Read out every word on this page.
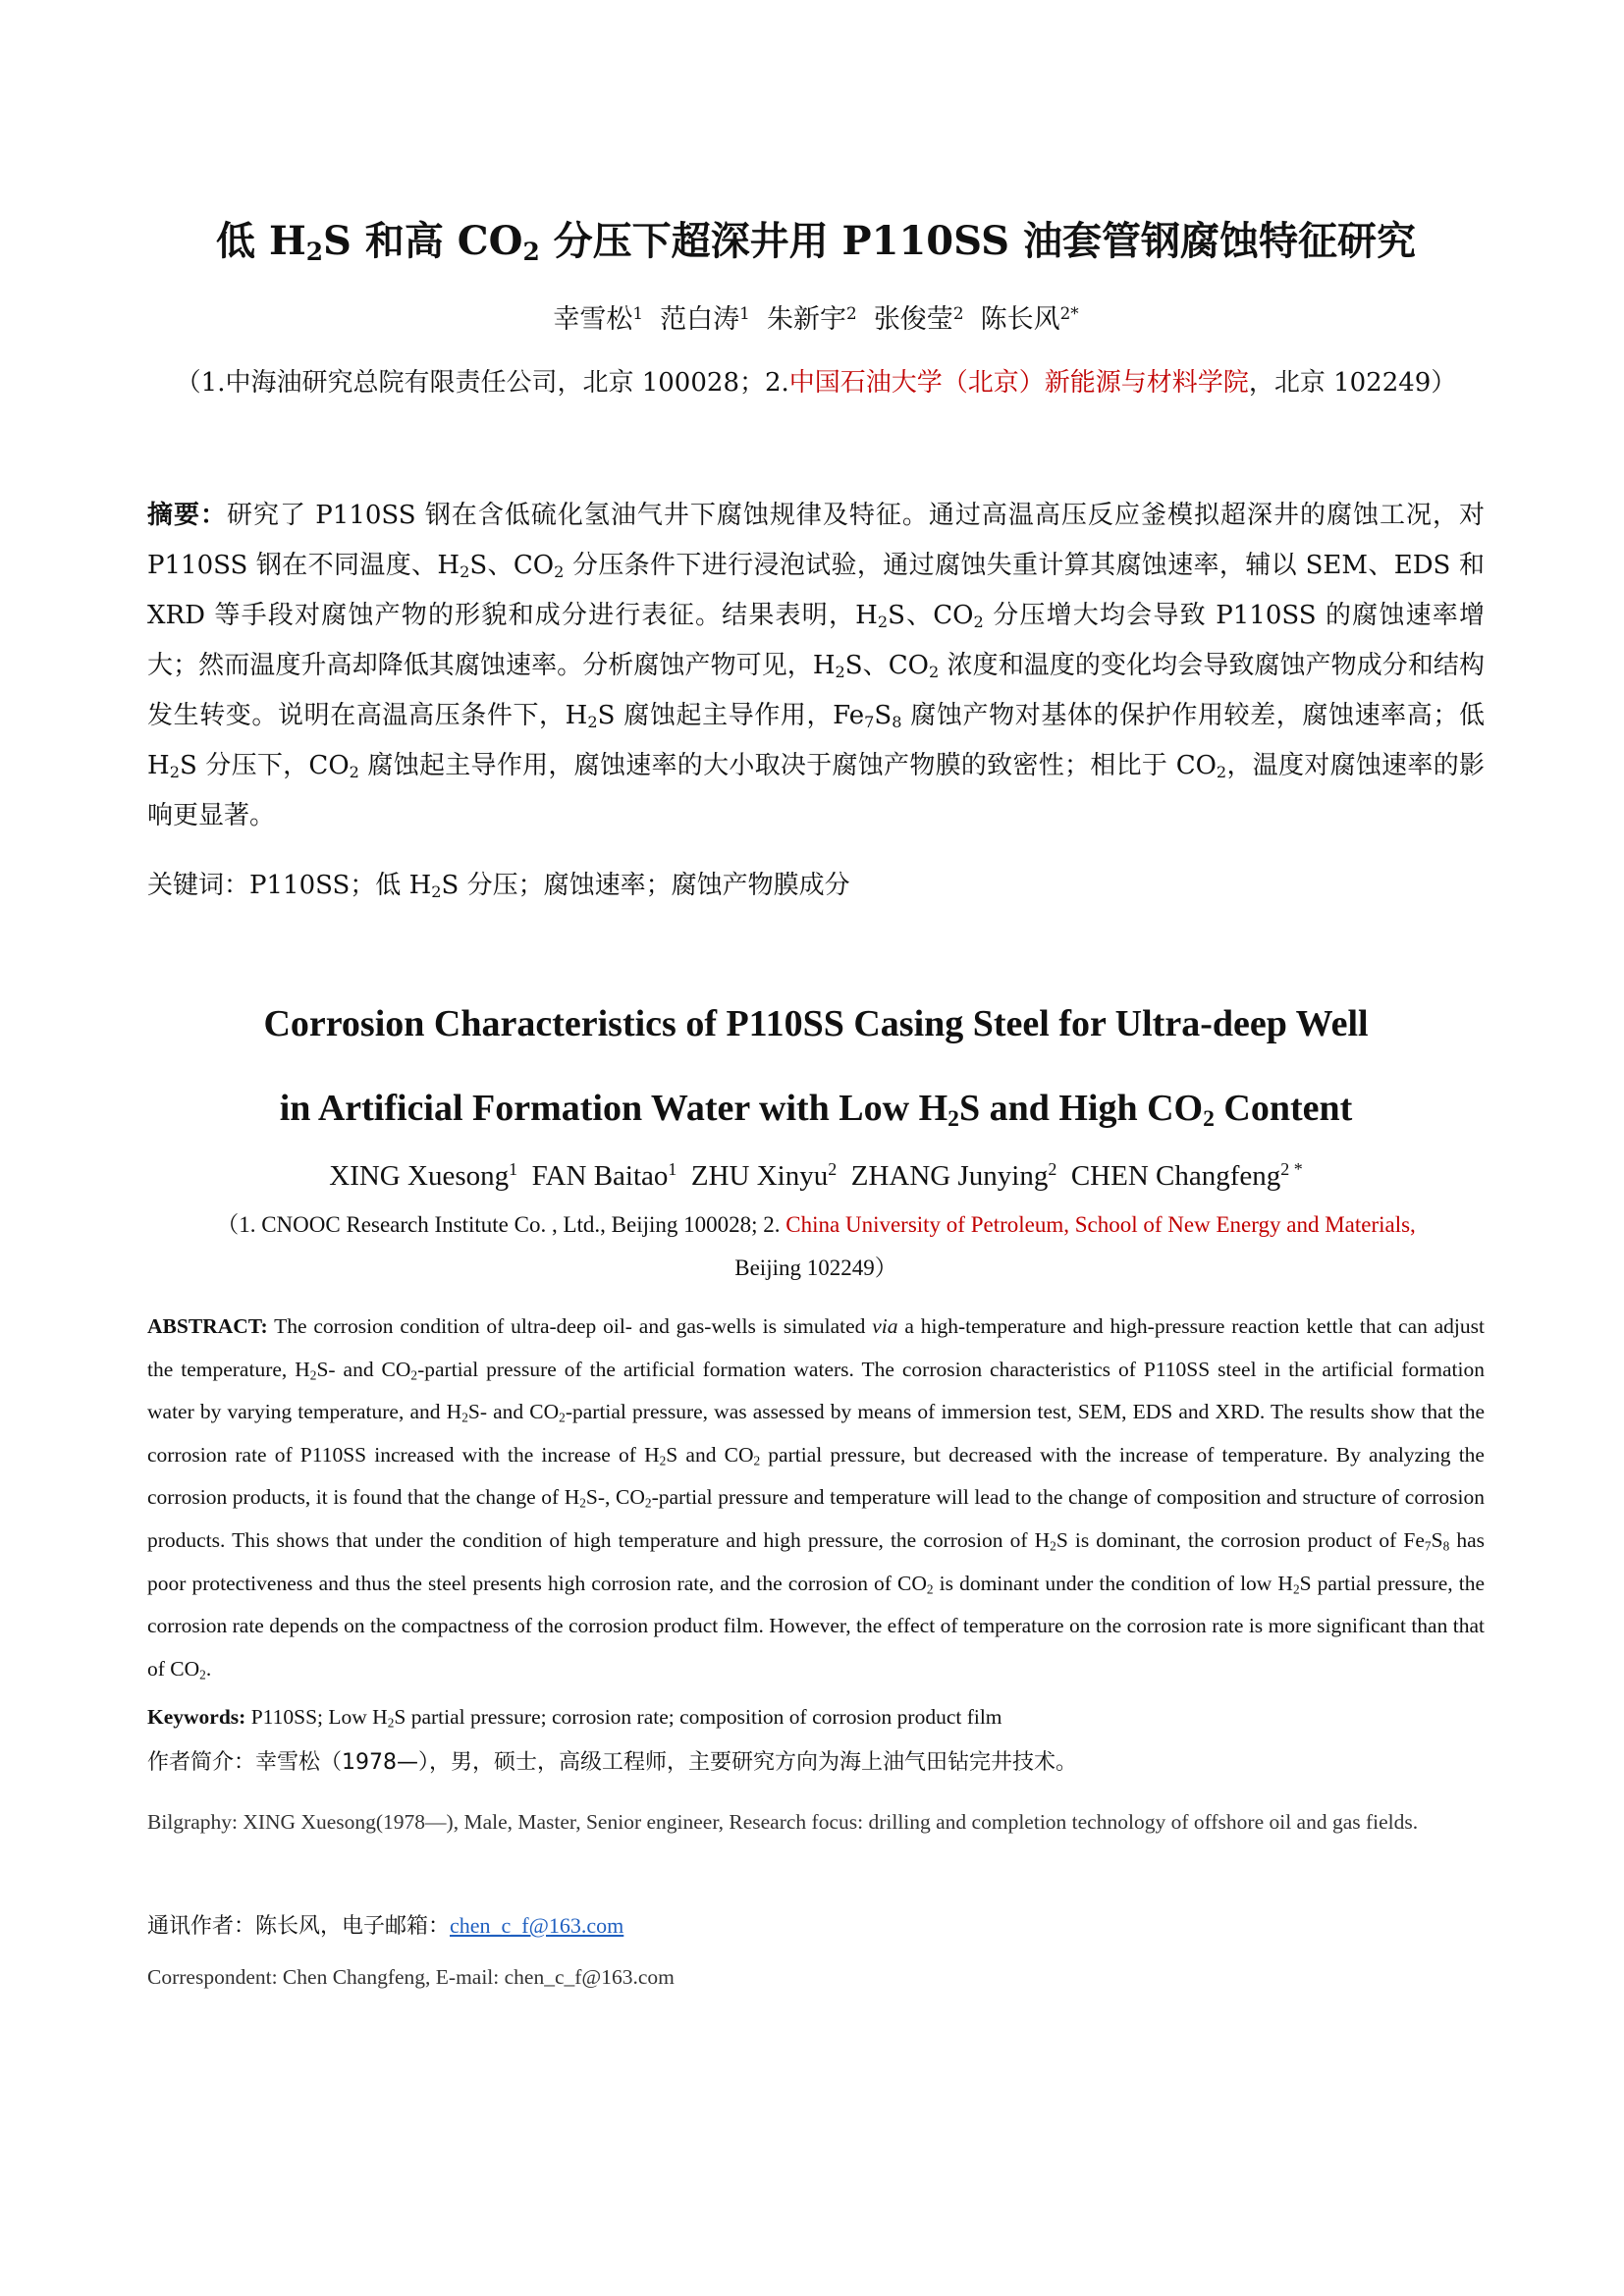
低 $H_2S$ 和高 $CO_2$ 分压下超深井用 P110SS 油套管钢腐蚀特征研究
幸雪松$^1$ 范白涛$^1$ 朱新宇$^2$ 张俊莹$^2$ 陈长风$^{2*}$
（1.中海油研究总院有限责任公司，北京 100028；2.中国石油大学（北京）新能源与材料学院，北京 102249）
摘要：研究了 P110SS 钢在含低硫化氢油气井下腐蚀规律及特征。通过高温高压反应釜模拟超深井的腐蚀工况，对 P110SS 钢在不同温度、$H_2S$、$CO_2$ 分压条件下进行浸泡试验，通过腐蚀失重计算其腐蚀速率，辅以 SEM、EDS 和 XRD 等手段对腐蚀产物的形貌和成分进行表征。结果表明，$H_2S$、$CO_2$ 分压增大均会导致 P110SS 的腐蚀速率增大；然而温度升高却降低其腐蚀速率。分析腐蚀产物可见，$H_2S$、$CO_2$ 浓度和温度的变化均会导致腐蚀产物成分和结构发生转变。说明在高温高压条件下，$H_2S$ 腐蚀起主导作用，$Fe_7S_8$ 腐蚀产物对基体的保护作用较差，腐蚀速率高；低 $H_2S$ 分压下，$CO_2$ 腐蚀起主导作用，腐蚀速率的大小取决于腐蚀产物膜的致密性；相比于 $CO_2$，温度对腐蚀速率的影响更显著。
关键词：P110SS；低 $H_2S$ 分压；腐蚀速率；腐蚀产物膜成分
Corrosion Characteristics of P110SS Casing Steel for Ultra-deep Well
in Artificial Formation Water with Low $H_2S$ and High $CO_2$ Content
XING Xuesong$^1$ FAN Baitao$^1$ ZHU Xinyu$^2$ ZHANG Junying$^2$ CHEN Changfeng$^{2 *}$
（1. CNOOC Research Institute Co. , Ltd., Beijing 100028; 2. China University of Petroleum, School of New Energy and Materials,
Beijing 102249）
ABSTRACT: The corrosion condition of ultra-deep oil- and gas-wells is simulated via a high-temperature and high-pressure reaction kettle that can adjust the temperature, $H_2S-$ and $CO_2$-partial pressure of the artificial formation waters. The corrosion characteristics of P110SS steel in the artificial formation water by varying temperature, and $H_2S-$ and $CO_2$-partial pressure, was assessed by means of immersion test, SEM, EDS and XRD. The results show that the corrosion rate of P110SS increased with the increase of $H_2S$ and $CO_2$ partial pressure, but decreased with the increase of temperature. By analyzing the corrosion products, it is found that the change of $H_2S-$, $CO_2$-partial pressure and temperature will lead to the change of composition and structure of corrosion products. This shows that under the condition of high temperature and high pressure, the corrosion of $H_2S$ is dominant, the corrosion product of $Fe_7S_8$ has poor protectiveness and thus the steel presents high corrosion rate, and the corrosion of $CO_2$ is dominant under the condition of low $H_2S$ partial pressure, the corrosion rate depends on the compactness of the corrosion product film. However, the effect of temperature on the corrosion rate is more significant than that of $CO_2$.
Keywords: P110SS; Low $H_2S$ partial pressure; corrosion rate; composition of corrosion product film
作者简介：幸雪松（1978—），男，硕士，高级工程师，主要研究方向为海上油气田钻完井技术。
Bilgraphy: XING Xuesong(1978—), Male, Master, Senior engineer, Research focus: drilling and completion technology of offshore oil and gas fields.
通讯作者：陈长风，电子邮箱：chen_c_f@163.com
Correspondent: Chen Changfeng, E-mail: chen_c_f@163.com
